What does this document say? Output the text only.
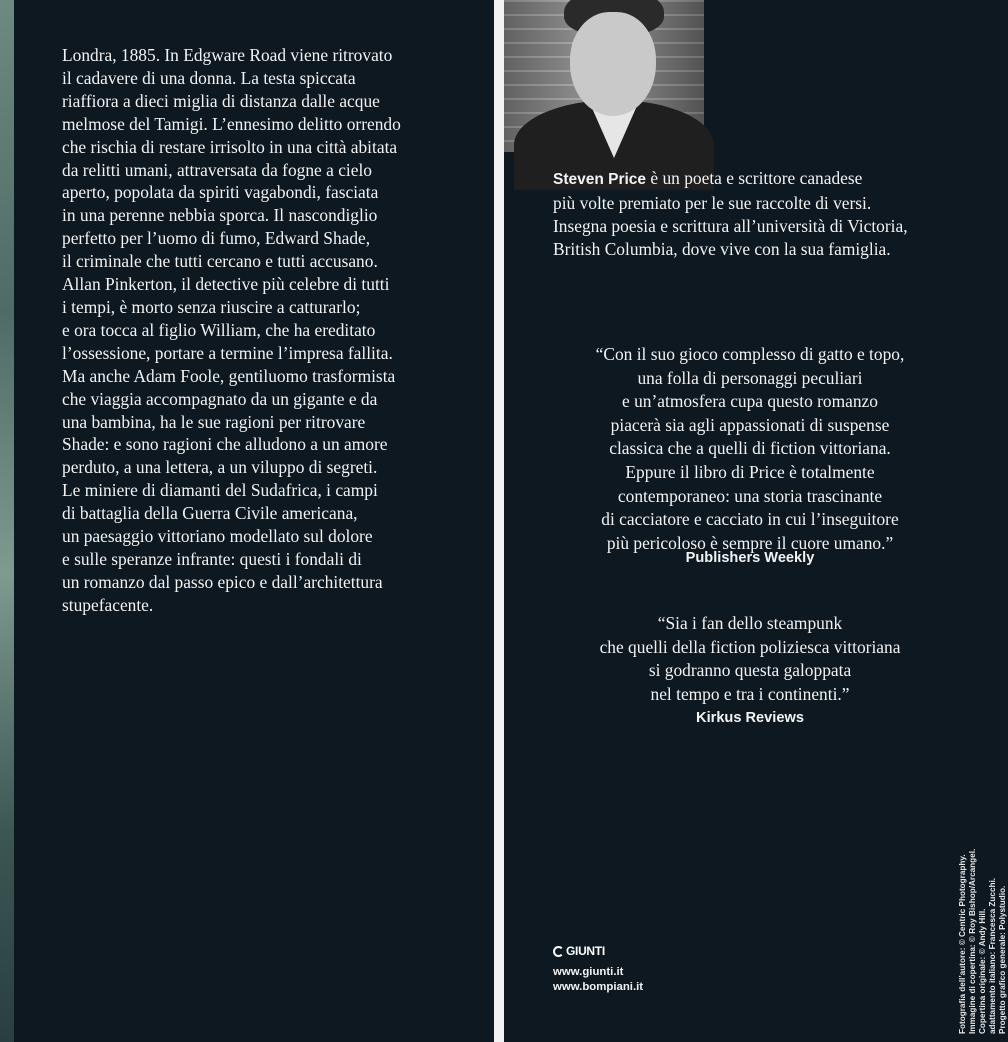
Londra, 1885. In Edgware Road viene ritrovato
il cadavere di una donna. La testa spiccata
riaffiora a dieci miglia di distanza dalle acque
melmose del Tamigi. L’ennesimo delitto orrendo
che rischia di restare irrisolto in una città abitata
da relitti umani, attraversata da fogne a cielo
aperto, popolata da spiriti vagabondi, fasciata
in una perenne nebbia sporca. Il nascondiglio
perfetto per l’uomo di fumo, Edward Shade,
il criminale che tutti cercano e tutti accusano.
Allan Pinkerton, il detective più celebre di tutti
i tempi, è morto senza riuscire a catturarlo;
e ora tocca al figlio William, che ha ereditato
l’ossessione, portare a termine l’impresa fallita.
Ma anche Adam Foole, gentiluomo trasformista
che viaggia accompagnato da un gigante e da
una bambina, ha le sue ragioni per ritrovare
Shade: e sono ragioni che alludono a un amore
perduto, a una lettera, a un viluppo di segreti.
Le miniere di diamanti del Sudafrica, i campi
di battaglia della Guerra Civile americana,
un paesaggio vittoriano modellato sul dolore
e sulle speranze infrante: questi i fondali di
un romanzo dal passo epico e dall’architettura
stupefacente.

Steven Price è un poeta e scrittore canadese
più volte premiato per le sue raccolte di versi.
Insegna poesia e scrittura all’università di Victoria,
British Columbia, dove vive con la sua famiglia.

“Con il suo gioco complesso di gatto e topo,
una folla di personaggi peculiari
e un’atmosfera cupa questo romanzo
piacerà sia agli appassionati di suspense
classica che a quelli di fiction vittoriana.
Eppure il libro di Price è totalmente
contemporaneo: una storia trascinante
di cacciatore e cacciato in cui l’inseguitore
più pericoloso è sempre il cuore umano.”

Publishers Weekly

“Sia i fan dello steampunk
che quelli della fiction poliziesca vittoriana
si godranno questa galoppata
nel tempo e tra i continenti.”

Kirkus Reviews
GIUNTI
www.giunti.it
www.bompiani.it	Fotografia dell’autore: © Centric Photography. Immagine di copertina: © Roy Bishop/Arcangel. Copertina originale: © Andy Hill. adattamento italiano: Francesca Zucchi. Progetto grafico generale: Polystudio.
